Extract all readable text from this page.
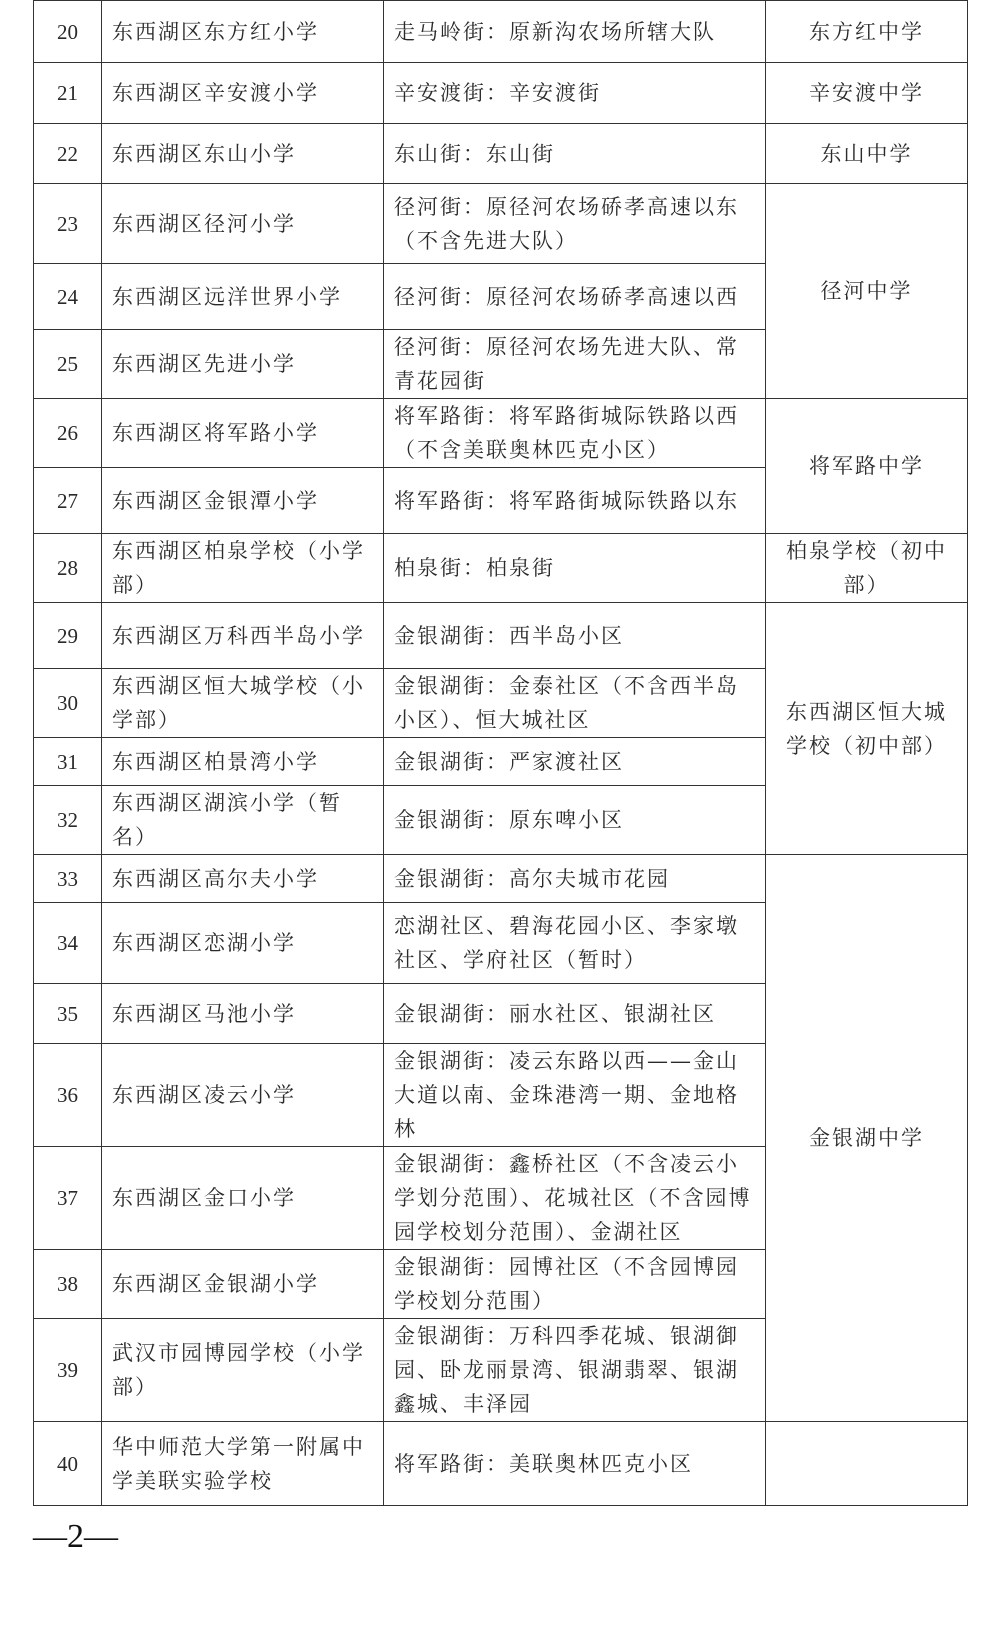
20	东西湖区东方红小学	走马岭街：原新沟农场所辖大队	东方红中学
21	东西湖区辛安渡小学	辛安渡街：辛安渡街	辛安渡中学
22	东西湖区东山小学	东山街：东山街	东山中学
23	东西湖区径河小学	径河街：原径河农场硚孝高速以东（不含先进大队）	径河中学
24	东西湖区远洋世界小学	径河街：原径河农场硚孝高速以西	
25	东西湖区先进小学	径河街：原径河农场先进大队、常青花园街	
26	东西湖区将军路小学	将军路街：将军路街城际铁路以西（不含美联奥林匹克小区）	将军路中学
27	东西湖区金银潭小学	将军路街：将军路街城际铁路以东	
28	东西湖区柏泉学校（小学部）	柏泉街：柏泉街	柏泉学校（初中部）
29	东西湖区万科西半岛小学	金银湖街：西半岛小区	东西湖区恒大城学校（初中部）
30	东西湖区恒大城学校（小学部）	金银湖街：金泰社区（不含西半岛小区）、恒大城社区	
31	东西湖区柏景湾小学	金银湖街：严家渡社区	
32	东西湖区湖滨小学（暂名）	金银湖街：原东啤小区	
33	东西湖区高尔夫小学	金银湖街：高尔夫城市花园	金银湖中学
34	东西湖区恋湖小学	恋湖社区、碧海花园小区、李家墩社区、学府社区（暂时）	
35	东西湖区马池小学	金银湖街：丽水社区、银湖社区	
36	东西湖区凌云小学	金银湖街：凌云东路以西——金山大道以南、金珠港湾一期、金地格林	
37	东西湖区金口小学	金银湖街：鑫桥社区（不含凌云小学划分范围）、花城社区（不含园博园学校划分范围）、金湖社区	
38	东西湖区金银湖小学	金银湖街：园博社区（不含园博园学校划分范围）	
39	武汉市园博园学校（小学部）	金银湖街：万科四季花城、银湖御园、卧龙丽景湾、银湖翡翠、银湖鑫城、丰泽园	
40	华中师范大学第一附属中学美联实验学校	将军路街：美联奥林匹克小区	
—2—
